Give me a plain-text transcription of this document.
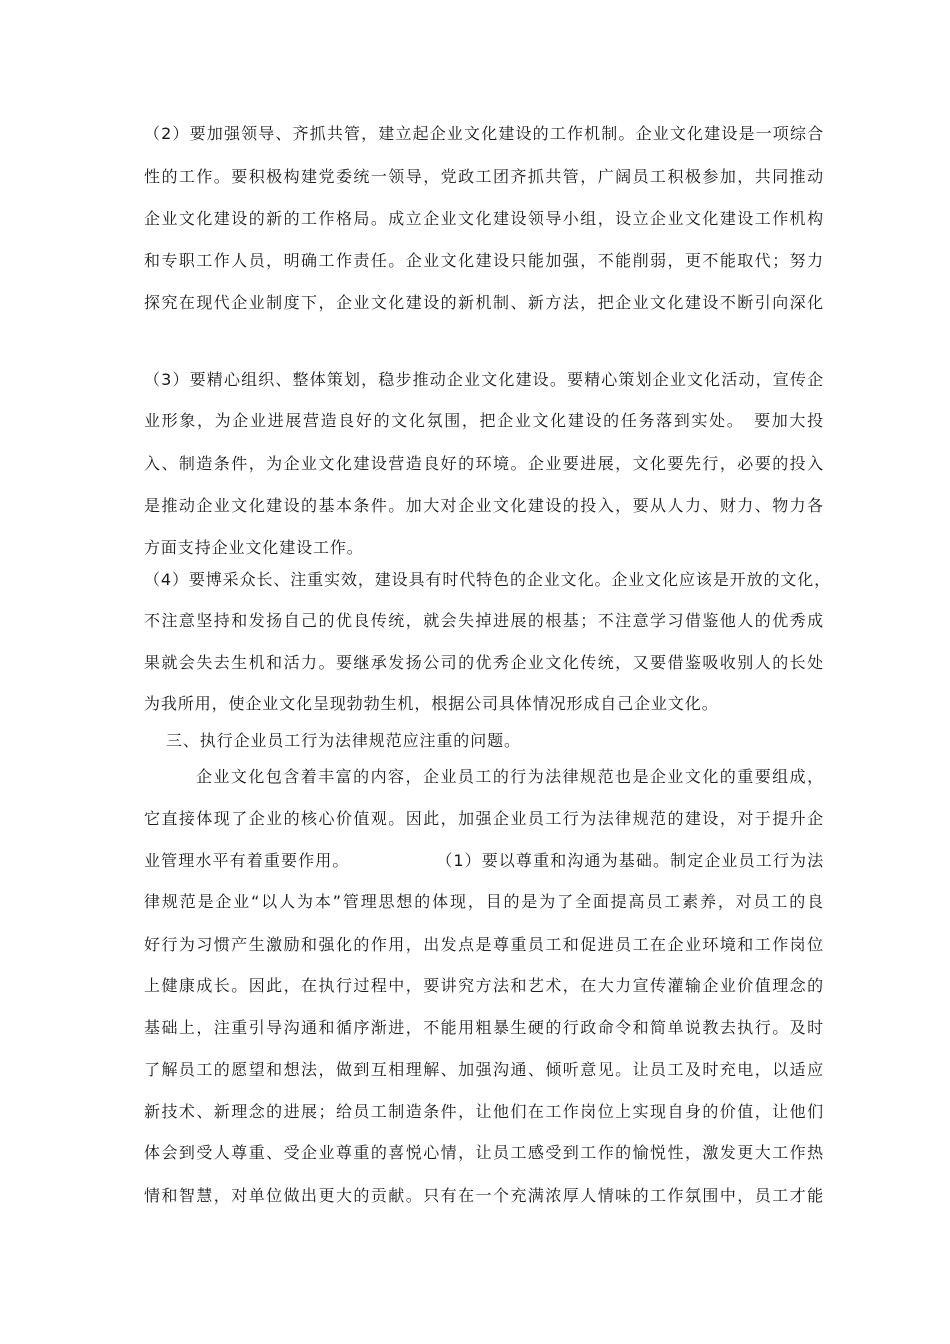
（2）要加强领导、齐抓共管，建立起企业文化建设的工作机制。企业文化建设是一项综合
性的工作。要积极构建党委统一领导，党政工团齐抓共管，广阔员工积极参加，共同推动
企业文化建设的新的工作格局。成立企业文化建设领导小组，设立企业文化建设工作机构
和专职工作人员，明确工作责任。企业文化建设只能加强，不能削弱，更不能取代；努力
探究在现代企业制度下，企业文化建设的新机制、新方法，把企业文化建设不断引向深化
（3）要精心组织、整体策划，稳步推动企业文化建设。要精心策划企业文化活动，宣传企
业形象，为企业进展营造良好的文化氛围，把企业文化建设的任务落到实处。　要加大投
入、制造条件，为企业文化建设营造良好的环境。企业要进展，文化要先行，必要的投入
是推动企业文化建设的基本条件。加大对企业文化建设的投入，要从人力、财力、物力各
方面支持企业文化建设工作。
（4）要博采众长、注重实效，建设具有时代特色的企业文化。企业文化应该是开放的文化，
不注意坚持和发扬自己的优良传统，就会失掉进展的根基；不注意学习借鉴他人的优秀成
果就会失去生机和活力。要继承发扬公司的优秀企业文化传统，又要借鉴吸收别人的长处
为我所用，使企业文化呈现勃勃生机，根据公司具体情况形成自己企业文化。
三、执行企业员工行为法律规范应注重的问题。
企业文化包含着丰富的内容，企业员工的行为法律规范也是企业文化的重要组成，
它直接体现了企业的核心价值观。因此，加强企业员工行为法律规范的建设，对于提升企
业管理水平有着重要作用。　　　　　　（1）要以尊重和沟通为基础。制定企业员工行为法
律规范是企业“以人为本”管理思想的体现，目的是为了全面提高员工素养，对员工的良
好行为习惯产生激励和强化的作用，出发点是尊重员工和促进员工在企业环境和工作岗位
上健康成长。因此，在执行过程中，要讲究方法和艺术，在大力宣传灌输企业价值理念的
基础上，注重引导沟通和循序渐进，不能用粗暴生硬的行政命令和简单说教去执行。及时
了解员工的愿望和想法，做到互相理解、加强沟通、倾听意见。让员工及时充电，以适应
新技术、新理念的进展；给员工制造条件，让他们在工作岗位上实现自身的价值，让他们
体会到受人尊重、受企业尊重的喜悦心情，让员工感受到工作的愉悦性，激发更大工作热
情和智慧，对单位做出更大的贡献。只有在一个充满浓厚人情味的工作氛围中，员工才能
